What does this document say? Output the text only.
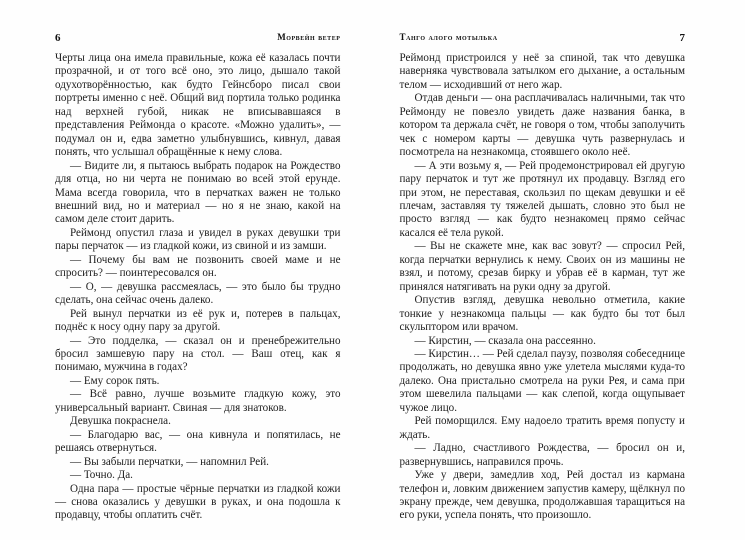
6	морвейн ветер

Черты лица она имела правильные, кожа её казалась почти прозрачной, и от того всё оно, это лицо, дышало такой одухотворённостью, как будто Гейнсборо писал свои портреты именно с неё. Общий вид портила только родинка над верхней губой, никак не вписывавшаяся в представления Реймонда о красоте. «Можно удалить», — подумал он и, едва заметно улыбнувшись, кивнул, давая понять, что услышал обращённые к нему слова.

— Видите ли, я пытаюсь выбрать подарок на Рождество для отца, но ни черта не понимаю во всей этой ерунде. Мама всегда говорила, что в перчатках важен не только внешний вид, но и материал — но я не знаю, какой на самом деле стоит дарить.

Реймонд опустил глаза и увидел в руках девушки три пары перчаток — из гладкой кожи, из свиной и из замши.

— Почему бы вам не позвонить своей маме и не спросить? — поинтересовался он.

— О, — девушка рассмеялась, — это было бы трудно сделать, она сейчас очень далеко.

Рей вынул перчатки из её рук и, потерев в пальцах, поднёс к носу одну пару за другой.

— Это подделка, — сказал он и пренебрежительно бросил замшевую пару на стол. — Ваш отец, как я понимаю, мужчина в годах?

— Ему сорок пять.

— Всё равно, лучше возьмите гладкую кожу, это универсальный вариант. Свиная — для знатоков.

Девушка покраснела.

— Благодарю вас, — она кивнула и попятилась, не решаясь отвернуться.

— Вы забыли перчатки, — напомнил Рей.

— Точно. Да.

Одна пара — простые чёрные перчатки из гладкой кожи — снова оказались у девушки в руках, и она подошла к продавцу, чтобы оплатить счёт.

танго алого мотылька	7

Реймонд пристроился у неё за спиной, так что девушка наверняка чувствовала затылком его дыхание, а остальным телом — исходивший от него жар.

Отдав деньги — она расплачивалась наличными, так что Реймонду не повезло увидеть даже названия банка, в котором та держала счёт, не говоря о том, чтобы заполучить чек с номером карты — девушка чуть развернулась и посмотрела на незнакомца, стоявшего около неё.

— А эти возьму я, — Рей продемонстрировал ей другую пару перчаток и тут же протянул их продавцу. Взгляд его при этом, не переставая, скользил по щекам девушки и её плечам, заставляя ту тяжелей дышать, словно это был не просто взгляд — как будто незнакомец прямо сейчас касался её тела рукой.

— Вы не скажете мне, как вас зовут? — спросил Рей, когда перчатки вернулись к нему. Своих он из машины не взял, и потому, срезав бирку и убрав её в карман, тут же принялся натягивать на руки одну за другой.

Опустив взгляд, девушка невольно отметила, какие тонкие у незнакомца пальцы — как будто бы тот был скульптором или врачом.

— Кирстин, — сказала она рассеянно.

— Кирстин… — Рей сделал паузу, позволяя собеседнице продолжать, но девушка явно уже улетела мыслями куда-то далеко. Она пристально смотрела на руки Рея, и сама при этом шевелила пальцами — как слепой, когда ощупывает чужое лицо.

Рей поморщился. Ему надоело тратить время попусту и ждать.

— Ладно, счастливого Рождества, — бросил он и, развернувшись, направился прочь.

Уже у двери, замедлив ход, Рей достал из кармана телефон и, ловким движением запустив камеру, щёлкнул по экрану прежде, чем девушка, продолжавшая таращиться на его руки, успела понять, что произошло.
